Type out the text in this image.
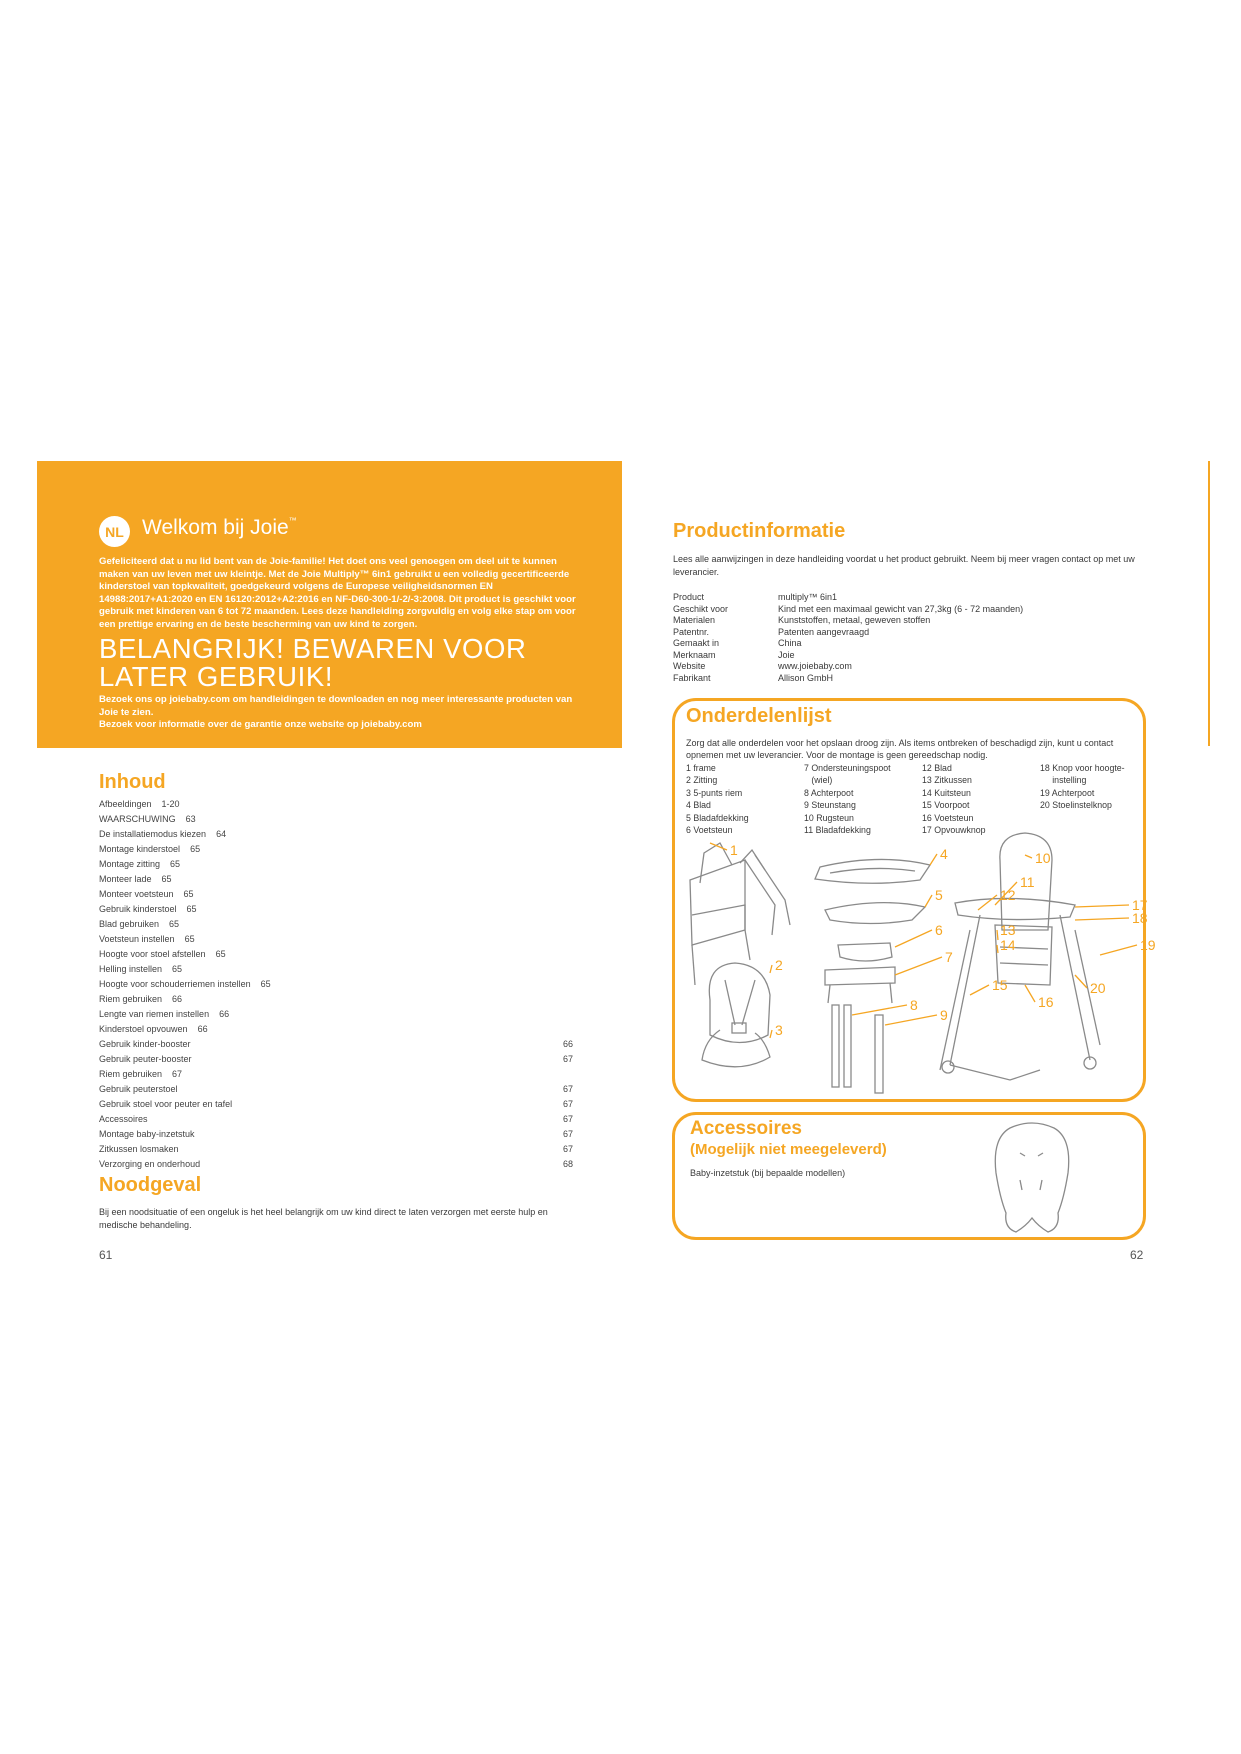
NL Welkom bij Joie™
Gefeliciteerd dat u nu lid bent van de Joie-familie! Het doet ons veel genoegen om deel uit te kunnen maken van uw leven met uw kleintje. Met de Joie Multiply™ 6in1 gebruikt u een volledig gecertificeerde kinderstoel van topkwaliteit, goedgekeurd volgens de Europese veiligheidsnormen EN 14988:2017+A1:2020 en EN 16120:2012+A2:2016 en NF-D60-300-1/-2/-3:2008. Dit product is geschikt voor gebruik met kinderen van 6 tot 72 maanden. Lees deze handleiding zorgvuldig en volg elke stap om voor een prettige ervaring en de beste bescherming van uw kind te zorgen.
BELANGRIJK! BEWAREN VOOR LATER GEBRUIK!
Bezoek ons op joiebaby.com om handleidingen te downloaden en nog meer interessante producten van Joie te zien.
Bezoek voor informatie over de garantie onze website op joiebaby.com
Inhoud
Afbeeldingen 1-20
WAARSCHUWING 63
De installatiemodus kiezen 64
Montage kinderstoel 65
Montage zitting 65
Monteer lade 65
Monteer voetsteun 65
Gebruik kinderstoel 65
Blad gebruiken 65
Voetsteun instellen 65
Hoogte voor stoel afstellen 65
Helling instellen 65
Hoogte voor schouderriemen instellen 65
Riem gebruiken 66
Lengte van riemen instellen 66
Kinderstoel opvouwen 66
Gebruik kinder-booster	66
Gebruik peuter-booster	67
Riem gebruiken 67
Gebruik peuterstoel	67
Gebruik stoel voor peuter en tafel	67
Accessoires	67
Montage baby-inzetstuk	67
Zitkussen losmaken	67
Verzorging en onderhoud	68
Noodgeval
Bij een noodsituatie of een ongeluk is het heel belangrijk om uw kind direct te laten verzorgen met eerste hulp en medische behandeling.
61
Productinformatie
Lees alle aanwijzingen in deze handleiding voordat u het product gebruikt. Neem bij meer vragen contact op met uw leverancier.
Product	multiply™ 6in1
Geschikt voor	Kind met een maximaal gewicht van 27,3kg (6 - 72 maanden)
Materialen	Kunststoffen, metaal, geweven stoffen
Patentnr.	Patenten aangevraagd
Gemaakt in	China
Merknaam	Joie
Website	www.joiebaby.com
Fabrikant	Allison GmbH
Onderdelenlijst
Zorg dat alle onderdelen voor het opslaan droog zijn. Als items ontbreken of beschadigd zijn, kunt u contact opnemen met uw leverancier. Voor de montage is geen gereedschap nodig.
1 frame
2 Zitting
3 5-punts riem
4 Blad
5 Bladafdekking
6 Voetsteun
7 Ondersteuningspoot
(wiel)
8 Achterpoot
9 Steunstang
10 Rugsteun
11 Bladafdekking
12 Blad
13 Zitkussen
14 Kuitsteun
15 Voorpoot
16 Voetsteun
17 Opvouwknop
18 Knop voor hoogte-
instelling
19 Achterpoot
20 Stoelinstelknop
1
2
3
4
5
6
7
8
9
10
11
12
13
14
15
16
17
18
19
20
Accessoires
(Mogelijk niet meegeleverd)
Baby-inzetstuk (bij bepaalde modellen)
62
